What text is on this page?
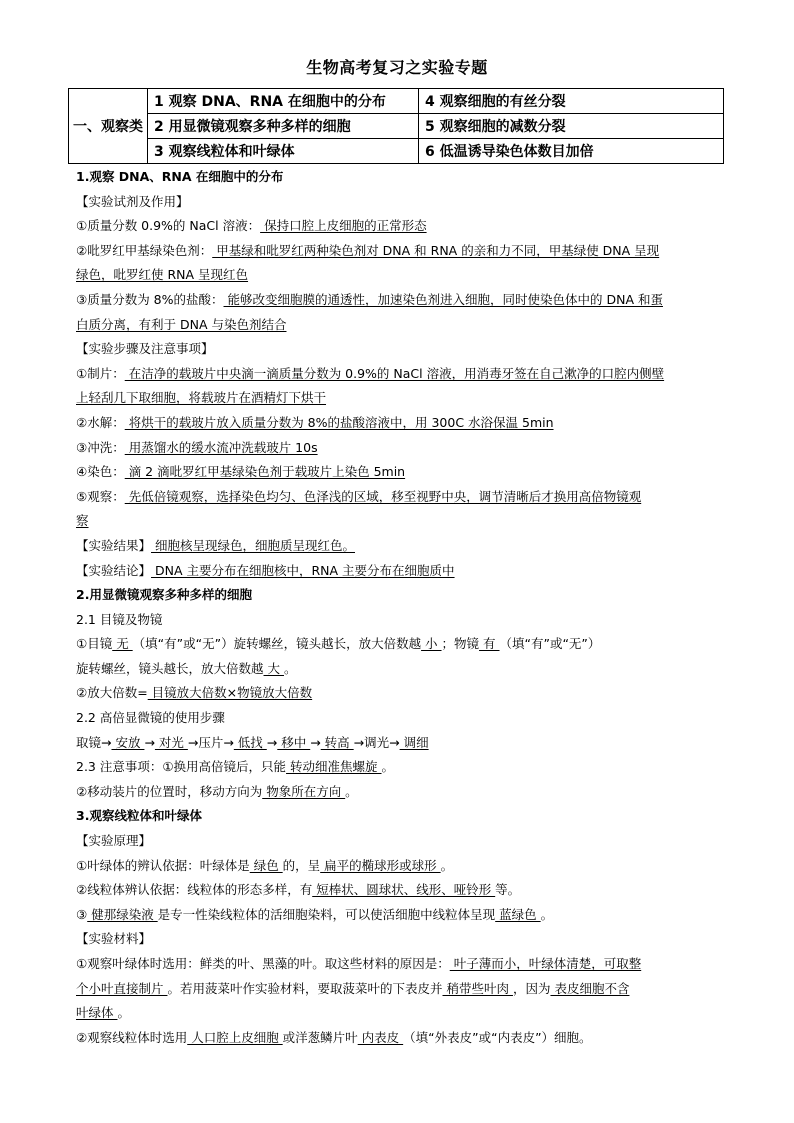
生物高考复习之实验专题
一、观察类	1 观察 DNA、RNA 在细胞中的分布	4 观察细胞的有丝分裂
	2 用显微镜观察多种多样的细胞	5 观察细胞的减数分裂
	3 观察线粒体和叶绿体	6 低温诱导染色体数目加倍
1.观察 DNA、RNA 在细胞中的分布
【实验试剂及作用】
①质量分数 0.9%的 NaCl 溶液： 保持口腔上皮细胞的正常形态
②吡罗红甲基绿染色剂： 甲基绿和吡罗红两种染色剂对 DNA 和 RNA 的亲和力不同，甲基绿使 DNA 呈现
绿色，吡罗红使 RNA 呈现红色
③质量分数为 8%的盐酸： 能够改变细胞膜的通透性，加速染色剂进入细胞，同时使染色体中的 DNA 和蛋
白质分离，有利于 DNA 与染色剂结合
【实验步骤及注意事项】
①制片： 在洁净的载玻片中央滴一滴质量分数为 0.9%的 NaCl 溶液，用消毒牙签在自己漱净的口腔内侧壁
上轻刮几下取细胞，将载玻片在酒精灯下烘干
②水解： 将烘干的载玻片放入质量分数为 8%的盐酸溶液中，用 300C 水浴保温 5min
③冲洗： 用蒸馏水的缓水流冲洗载玻片 10s
④染色： 滴 2 滴吡罗红甲基绿染色剂于载玻片上染色 5min
⑤观察： 先低倍镜观察，选择染色均匀、色泽浅的区域，移至视野中央，调节清晰后才换用高倍物镜观
察
【实验结果】 细胞核呈现绿色，细胞质呈现红色。
【实验结论】 DNA 主要分布在细胞核中，RNA 主要分布在细胞质中
2.用显微镜观察多种多样的细胞
2.1 目镜及物镜
①目镜 无 （填“有”或“无”）旋转螺丝，镜头越长，放大倍数越 小 ；物镜 有 （填“有”或“无”）
旋转螺丝，镜头越长，放大倍数越 大 。
②放大倍数= 目镜放大倍数×物镜放大倍数
2.2 高倍显微镜的使用步骤
取镜→ 安放 → 对光 →压片→ 低找 → 移中 → 转高 →调光→ 调细
2.3 注意事项：①换用高倍镜后，只能 转动细准焦螺旋 。
②移动装片的位置时，移动方向为 物象所在方向 。
3.观察线粒体和叶绿体
【实验原理】
①叶绿体的辨认依据：叶绿体是 绿色 的，呈 扁平的椭球形或球形 。
②线粒体辨认依据：线粒体的形态多样，有 短棒状、圆球状、线形、哑铃形 等。
③ 健那绿染液 是专一性染线粒体的活细胞染料，可以使活细胞中线粒体呈现 蓝绿色 。
【实验材料】
①观察叶绿体时选用：鲜类的叶、黑藻的叶。取这些材料的原因是： 叶子薄而小，叶绿体清楚，可取整
个小叶直接制片 。若用菠菜叶作实验材料，要取菠菜叶的下表皮并 稍带些叶肉 ，因为 表皮细胞不含
叶绿体 。
②观察线粒体时选用 人口腔上皮细胞 或洋葱鳞片叶 内表皮 （填“外表皮”或“内表皮”）细胞。
